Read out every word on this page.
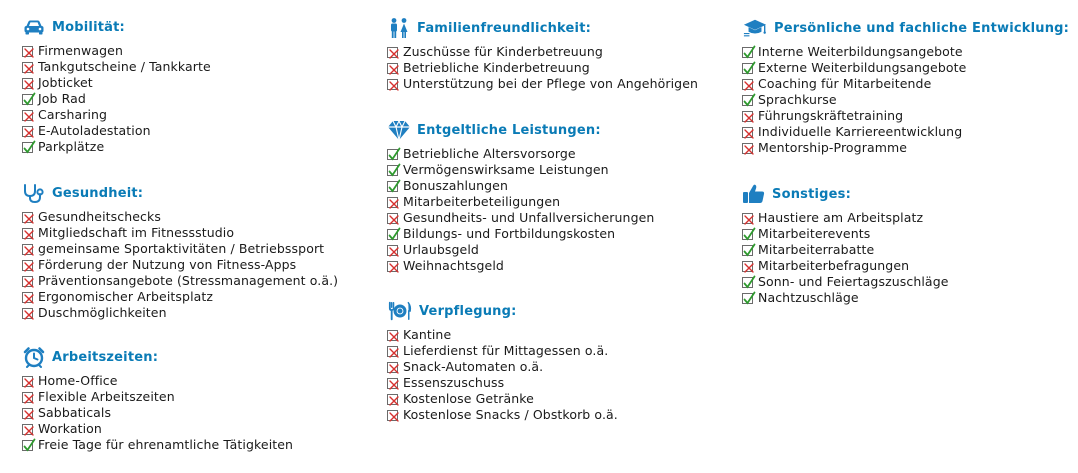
Mobilität:
Firmenwagen
Tankgutscheine / Tankkarte
Jobticket
Job Rad
Carsharing
E-Autoladestation
Parkplätze
Gesundheit:
Gesundheitschecks
Mitgliedschaft im Fitnessstudio
gemeinsame Sportaktivitäten / Betriebssport
Förderung der Nutzung von Fitness-Apps
Präventionsangebote (Stressmanagement o.ä.)
Ergonomischer Arbeitsplatz
Duschmöglichkeiten
Arbeitszeiten:
Home-Office
Flexible Arbeitszeiten
Sabbaticals
Workation
Freie Tage für ehrenamtliche Tätigkeiten
Familienfreundlichkeit:
Zuschüsse für Kinderbetreuung
Betriebliche Kinderbetreuung
Unterstützung bei der Pflege von Angehörigen
Entgeltliche Leistungen:
Betriebliche Altersvorsorge
Vermögenswirksame Leistungen
Bonuszahlungen
Mitarbeiterbeteiligungen
Gesundheits- und Unfallversicherungen
Bildungs- und Fortbildungskosten
Urlaubsgeld
Weihnachtsgeld
Verpflegung:
Kantine
Lieferdienst für Mittagessen o.ä.
Snack-Automaten o.ä.
Essenszuschuss
Kostenlose Getränke
Kostenlose Snacks / Obstkorb o.ä.
Persönliche und fachliche Entwicklung:
Interne Weiterbildungsangebote
Externe Weiterbildungsangebote
Coaching für Mitarbeitende
Sprachkurse
Führungskräftetraining
Individuelle Karriereentwicklung
Mentorship-Programme
Sonstiges:
Haustiere am Arbeitsplatz
Mitarbeiterevents
Mitarbeiterrabatte
Mitarbeiterbefragungen
Sonn- und Feiertagszuschläge
Nachtzuschläge
